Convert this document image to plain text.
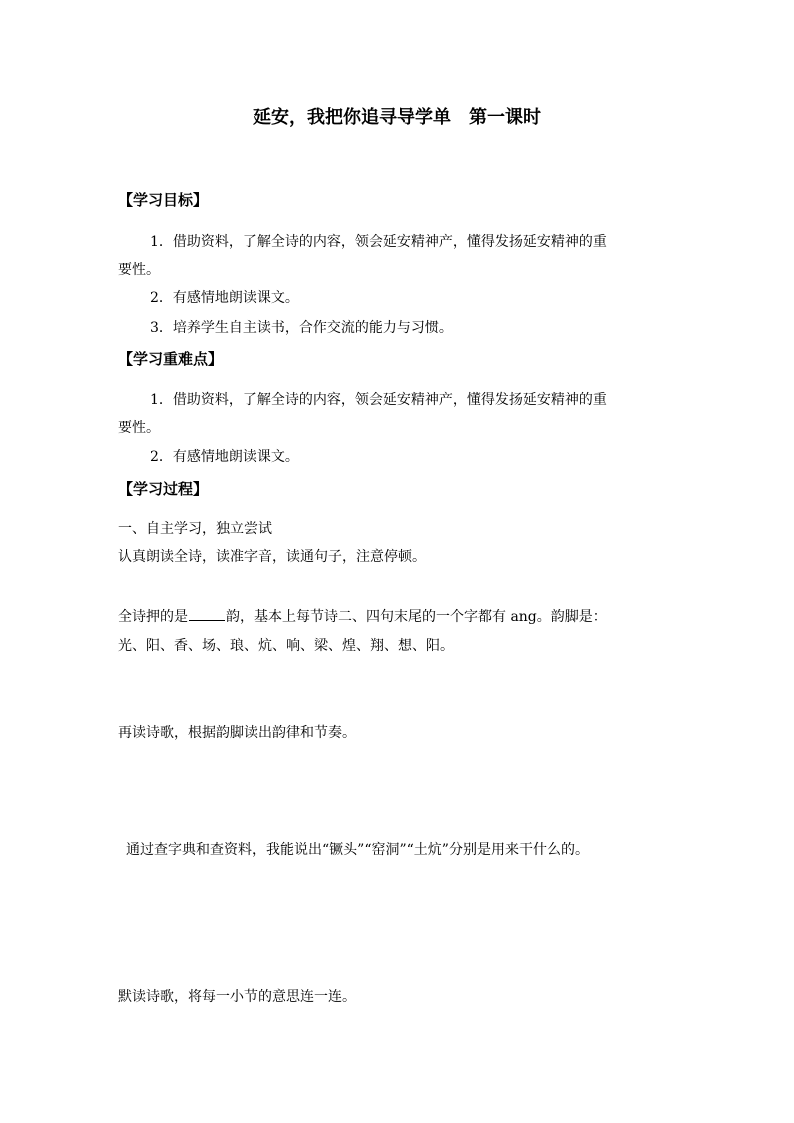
延安，我把你追寻导学单　第一课时
【学习目标】
1．借助资料，了解全诗的内容，领会延安精神产，懂得发扬延安精神的重
要性。
2．有感情地朗读课文。
3．培养学生自主读书，合作交流的能力与习惯。
【学习重难点】
1．借助资料，了解全诗的内容，领会延安精神产，懂得发扬延安精神的重
要性。
2．有感情地朗读课文。
【学习过程】
一、自主学习，独立尝试
认真朗读全诗，读准字音，读通句子，注意停顿。
全诗押的是	韵，基本上每节诗二、四句末尾的一个字都有 ang。韵脚是：
光、阳、香、场、琅、炕、响、梁、煌、翔、想、阳。
再读诗歌，根据韵脚读出韵律和节奏。
通过查字典和查资料，我能说出“镢头”“窑洞”“土炕”分别是用来干什么的。
默读诗歌，将每一小节的意思连一连。
